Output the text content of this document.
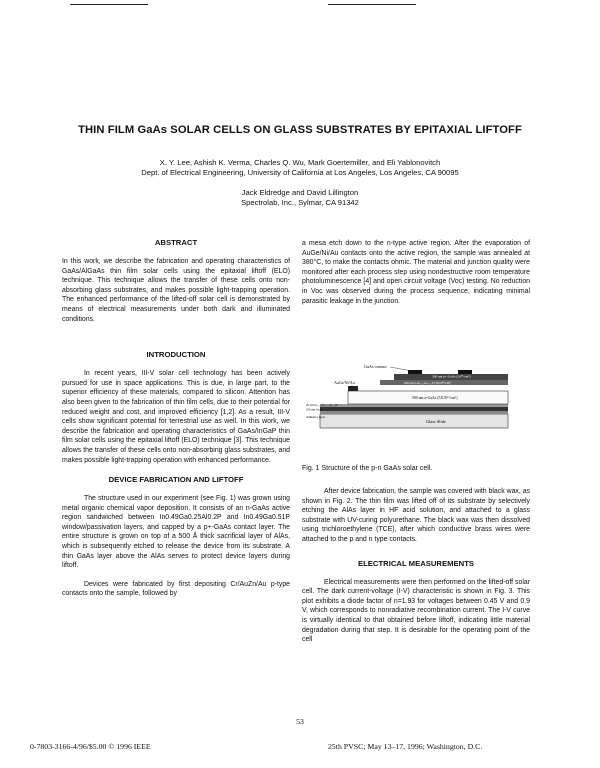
THIN FILM GaAs SOLAR CELLS ON GLASS SUBSTRATES BY EPITAXIAL LIFTOFF
X. Y. Lee, Ashish K. Verma, Charles Q. Wu, Mark Goertemiller, and Eli Yablonovitch
Dept. of Electrical Engineering, University of California at Los Angeles, Los Angeles, CA 90095
Jack Eldredge and David Lillington
Spectrolab, Inc., Sylmar, CA 91342

ABSTRACT

In this work, we describe the fabrication and operating characteristics of GaAs/AlGaAs thin film solar cells using the epitaxial liftoff (ELO) technique. This technique allows the transfer of these cells onto non-absorbing glass substrates, and makes possible light-trapping operation. The enhanced performance of the lifted-off solar cell is demonstrated by means of electrical measurements under both dark and illuminated conditions.

INTRODUCTION

In recent years, III-V solar cell technology has been actively pursued for use in space applications. This is due, in large part, to the superior efficiency of these materials, compared to silicon. Attention has also been given to the fabrication of thin film cells, due to their potential for reduced weight and cost, and improved efficiency [1,2]. As a result, III-V cells show significant potential for terrestrial use as well. In this work, we describe the fabrication and operating characteristics of GaAs/InGaP thin film solar cells using the epitaxial liftoff (ELO) technique [3]. This technique allows the transfer of these cells onto non-absorbing glass substrates, and makes possible light-trapping operation with enhanced performance.

DEVICE FABRICATION AND LIFTOFF

The structure used in our experiment (see Fig. 1) was grown using metal organic chemical vapor deposition. It consists of an n-GaAs active region sandwiched between In0.49Ga0.25Al0.2P and In0.49Ga0.51P window/passivation layers, and capped by a p+-GaAs contact layer. The entire structure is grown on top of a 500 Å thick sacrificial layer of AlAs, which is subsequently etched to release the device from its substrate. A thin GaAs layer above the AlAs serves to protect device layers during liftoff.

Devices were fabricated by first depositing Cr/AuZn/Au p-type contacts onto the sample, followed by

a mesa etch down to the n-type active region. After the evaporation of AuGe/Ni/Au contacts onto the active region, the sample was annealed at 380°C, to make the contacts ohmic. The material and junction quality were monitored after each process step using nondestructive room temperature photoluminescence [4] and open circuit voltage (Voc) testing. No reduction in Voc was observed during the process sequence, indicating minimal parasitic leakage in the junction.

GaAs contact
300 nm p+-GaAs (10¹⁸/cm³)
AuGe/Ni/Au	200 nm p-In₀.₄₉Ga₀.₅₁P (3X10¹⁸/cm³)
500 nm n-GaAs (5X10¹⁷/cm³)
20 nm In₀.₄₉(Ga₀.₂₅Al₀.₂)P
100 nm GaAs
Adhesive layer
Glass Slide
Fig. 1 Structure of the p-n GaAs solar cell.

After device fabrication, the sample was covered with black wax, as shown in Fig. 2. The thin film was lifted off of its substrate by selectively etching the AlAs layer in HF acid solution, and attached to a glass substrate with UV-curing polyurethane. The black wax was then dissolved using trichloroethylene (TCE), after which conductive brass wires were attached to the p and n type contacts.

ELECTRICAL MEASUREMENTS

Electrical measurements were then performed on the lifted-off solar cell. The dark current-voltage (I-V) characteristic is shown in Fig. 3. This plot exhibits a diode factor of n=1.93 for voltages between 0.45 V and 0.9 V, which corresponds to nonradiative recombination current. The I-V curve is virtually identical to that obtained before liftoff, indicating little material degradation during that step. It is desirable for the operating point of the cell

53
0-7803-3166-4/96/$5.00 © 1996 IEEE	25th PVSC; May 13–17, 1996; Washington, D.C.
